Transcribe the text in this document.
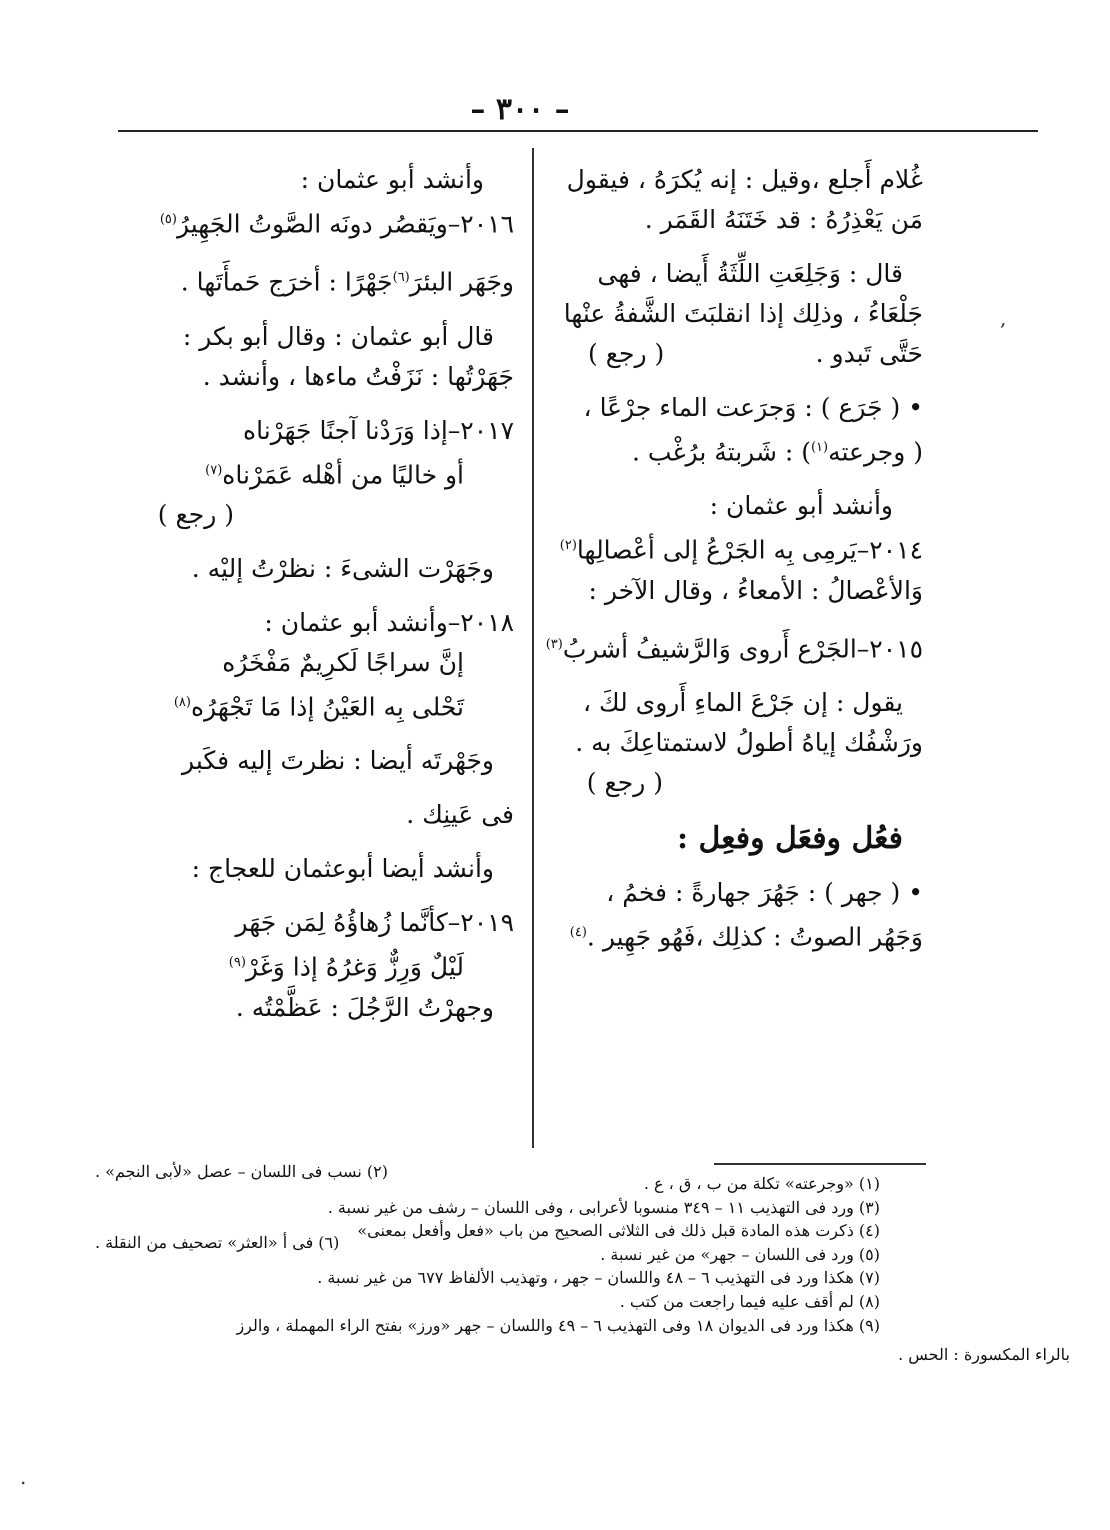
– ٣٠٠ –
,
.
غُلام أَجلع ،وقيل : إنه يُكرَهُ ، فيقول
مَن يَعْذِرُهُ : قد خَتَنَهُ القَمَر .
قال : وَجَلِعَتِ اللِّثَةُ أَيضا ، فهى
جَلْعَاءُ ، وذلِك إذا انقلبَتَ الشَّفةُ عنْها
حَتَّى تَبدو .
( رجع )
• ( جَرَع ) : وَجرَعت الماء جرْعًا ،
( وجرعته$^{(١)}$) : شَربتهُ برُغْب .
وأنشد أبو عثمان :
٢٠١٤–يَرمِى بِه الجَرْعُ إلى أعْصالِها$^{(٢)}$
وَالأعْصالُ : الأمعاءُ ، وقال الآخر :
٢٠١٥–الجَرْع أَروى وَالرَّشيفُ أشربُ$^{(٣)}$
يقول : إن جَرْعَ الماءِ أَروى لكَ ،
ورَشْفُك إياهُ أطولُ لاستمتاعِكَ به .
( رجع )
فعُل وفعَل وفعِل :
• ( جهر ) : جَهُرَ جهارةً : فخمُ ،
وَجَهُر الصوتُ : كذلِك ،فَهُو جَهِير .$^{(٤)}$
وأنشد أبو عثمان :
٢٠١٦–ويَقصُر دونَه الصَّوتُ الجَهِيرُ$^{(٥)}$
وجَهَر البئرَ$^{(٦)}$جَهْرًا : أخرَج حَمأَتَها .
قال أبو عثمان : وقال أبو بكر :
جَهَرْتُها : نَزَفْتُ ماءها ، وأنشد .
٢٠١٧–إذا وَرَدْنا آجنًا جَهَرْناه
أو خاليًا من أهْله عَمَرْناه$^{(٧)}$
( رجع )
وجَهَرْت الشىءَ : نظرْتُ إليْه .
٢٠١٨–وأنشد أبو عثمان :
إنَّ سراجًا لَكرِيمٌ مَفْخَرُه
تَحْلى بِه العَيْنُ إذا مَا تَجْهَرُه$^{(٨)}$
وجَهْرتَه أيضا : نظرتَ إليه فكَبر
فى عَينِك .
وأنشد أيضا أبوعثمان للعجاج :
٢٠١٩–كأنَّما زُهاؤُهُ لِمَن جَهَر
لَيْلٌ وَرِزٌّ وَغرُهُ إذا وَغَرْ$^{(٩)}$
وجهرْتُ الرَّجُلَ : عَظَّمْتُه .
(١) «وجرعته» تكلة من ب ، ق ، ع .
(٢) نسب فى اللسان – عصل «لأبى النجم» .
(٣) ورد فى التهذيب ١١ – ٣٤٩ منسوبا لأعرابى ، وفى اللسان – رشف من غير نسبة .
(٤) ذكرت هذه المادة قبل ذلك فى الثلاثى الصحيح من باب «فعل وأفعل بمعنى»
(٥) ورد فى اللسان – جهر» من غير نسبة .
(٦) فى أ «العثر» تصحيف من النقلة .
(٧) هكذا ورد فى التهذيب ٦ – ٤٨ واللسان – جهر ، وتهذيب الألفاظ ٦٧٧ من غير نسبة .
(٨) لم أقف عليه فيما راجعت من كتب .
(٩) هكذا ورد فى الديوان ١٨ وفى التهذيب ٦ – ٤٩ واللسان – جهر «ورز» بفتح الراء المهملة ، والرز
بالراء المكسورة : الحس .
